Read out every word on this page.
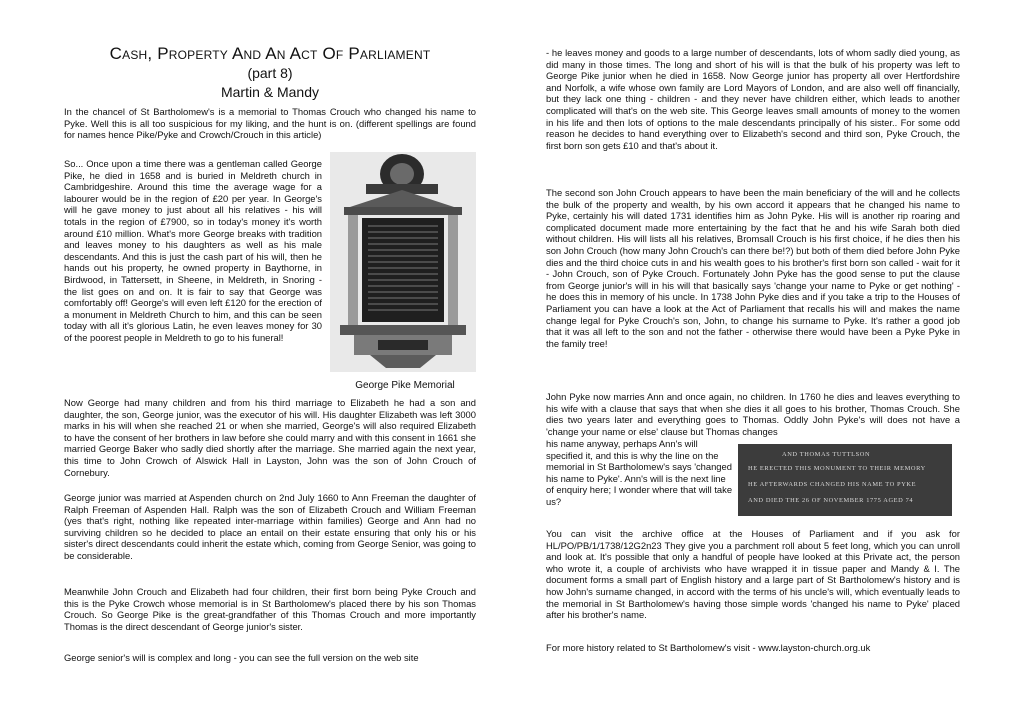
Cash, Property And An Act Of Parliament
(part 8)
Martin & Mandy

In the chancel of St Bartholomew's is a memorial to Thomas Crouch who changed his name to Pyke. Well this is all too suspicious for my liking, and the hunt is on. (different spellings are found for names hence Pike/Pyke and Crowch/Crouch in this article)

So... Once upon a time there was a gentleman called George Pike, he died in 1658 and is buried in Meldreth church in Cambridgeshire. Around this time the average wage for a labourer would be in the region of £20 per year. In George's will he gave money to just about all his relatives - his will totals in the region of £7900, so in today's money it's worth around £10 million. What's more George breaks with tradition and leaves money to his daughters as well as his male descendants. And this is just the cash part of his will, then he hands out his property, he owned property in Baythorne, in Birdwood, in Tattersett, in Sheene, in Meldreth, in Snoring - the list goes on and on. It is fair to say that George was comfortably off! George's will even left £120 for the erection of a monument in Meldreth Church to him, and this can be seen today with all it's glorious Latin, he even leaves money for 30 of the poorest people in Meldreth to go to his funeral!

George Pike Memorial

Now George had many children and from his third marriage to Elizabeth he had a son and daughter, the son, George junior, was the executor of his will. His daughter Elizabeth was left 3000 marks in his will when she reached 21 or when she married, George's will also required Elizabeth to have the consent of her brothers in law before she could marry and with this consent in 1661 she married George Baker who sadly died shortly after the marriage. She married again the next year, this time to John Crowch of Alswick Hall in Layston, John was the son of John Crouch of Cornebury.

George junior was married at Aspenden church on 2nd July 1660 to Ann Freeman the daughter of Ralph Freeman of Aspenden Hall. Ralph was the son of Elizabeth Crouch and William Freeman (yes that's right, nothing like repeated inter-marriage within families) George and Ann had no surviving children so he decided to place an entail on their estate ensuring that only his or his sister's direct descendants could inherit the estate which, coming from George Senior, was going to be considerable.

Meanwhile John Crouch and Elizabeth had four children, their first born being Pyke Crouch and this is the Pyke Crowch whose memorial is in St Bartholomew's placed there by his son Thomas Crouch. So George Pike is the great-grandfather of this Thomas Crouch and more importantly Thomas is the direct descendant of George junior's sister.

George senior's will is complex and long - you can see the full version on the web site

- he leaves money and goods to a large number of descendants, lots of whom sadly died young, as did many in those times. The long and short of his will is that the bulk of his property was left to George Pike junior when he died in 1658. Now George junior has property all over Hertfordshire and Norfolk, a wife whose own family are Lord Mayors of London, and are also well off financially, but they lack one thing - children - and they never have children either, which leads to another complicated will that's on the web site. This George leaves small amounts of money to the women in his life and then lots of options to the male descendants principally of his sister.. For some odd reason he decides to hand everything over to Elizabeth's second and third son, Pyke Crouch, the first born son gets £10 and that's about it.

The second son John Crouch appears to have been the main beneficiary of the will and he collects the bulk of the property and wealth, by his own accord it appears that he changed his name to Pyke, certainly his will dated 1731 identifies him as John Pyke. His will is another rip roaring and complicated document made more entertaining by the fact that he and his wife Sarah both died without children. His will lists all his relatives, Bromsall Crouch is his first choice, if he dies then his son John Crouch (how many John Crouch's can there be!?) but both of them died before John Pyke dies and the third choice cuts in and his wealth goes to his brother's first born son called - wait for it - John Crouch, son of Pyke Crouch. Fortunately John Pyke has the good sense to put the clause from George junior's will in his will that basically says 'change your name to Pyke or get nothing' - he does this in memory of his uncle. In 1738 John Pyke dies and if you take a trip to the Houses of Parliament you can have a look at the Act of Parliament that recalls his will and makes the name change legal for Pyke Crouch's son, John, to change his surname to Pyke. It's rather a good job that it was all left to the son and not the father - otherwise there would have been a Pyke Pyke in the family tree!

John Pyke now marries Ann and once again, no children. In 1760 he dies and leaves everything to his wife with a clause that says that when she dies it all goes to his brother, Thomas Crouch. She dies two years later and everything goes to Thomas. Oddly John Pyke's will does not have a 'change your name or else' clause but Thomas changes

his name anyway, perhaps Ann's will specified it, and this is why the line on the memorial in St Bartholomew's says 'changed his name to Pyke'. Ann's will is the next line of enquiry here; I wonder where that will take us?

AND THOMAS TUTTLSON
HE ERECTED THIS MONUMENT TO THEIR MEMORY
HE AFTERWARDS CHANGED HIS NAME TO PYKE
AND DIED THE 26 OF NOVEMBER 1775 AGED 74

You can visit the archive office at the Houses of Parliament and if you ask for HL/PO/PB/1/1738/12G2n23 They give you a parchment roll about 5 feet long, which you can unroll and look at. It's possible that only a handful of people have looked at this Private act, the person who wrote it, a couple of archivists who have wrapped it in tissue paper and Mandy & I. The document forms a small part of English history and a large part of St Bartholomew's history and is how John's surname changed, in accord with the terms of his uncle's will, which eventually leads to the memorial in St Bartholomew's having those simple words 'changed his name to Pyke' placed after his brother's name.

For more history related to St Bartholomew's visit - www.layston-church.org.uk
